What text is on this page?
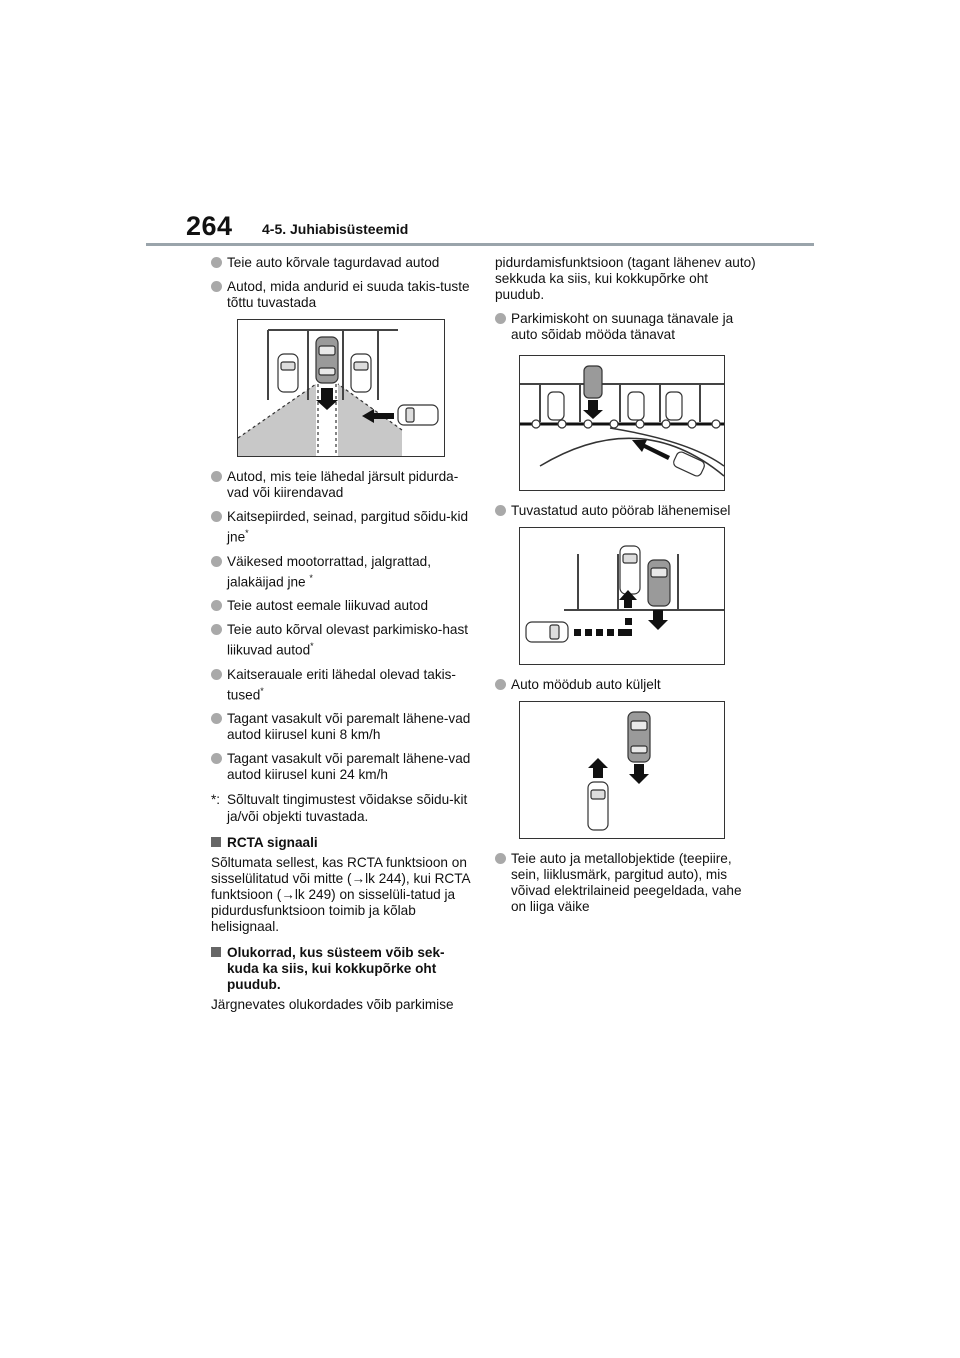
264 4-5. Juhiabisüsteemid
Teie auto kõrvale tagurdavad autod
Autod, mida andurid ei suuda takis-tuste tõttu tuvastada
Autod, mis teie lähedal järsult pidurda-vad või kiirendavad
Kaitsepiirded, seinad, pargitud sõidu-kid jne*
Väikesed mootorrattad, jalgrattad, jalakäijad jne *
Teie autost eemale liikuvad autod
Teie auto kõrval olevast parkimisko-hast liikuvad autod*
Kaitserauale eriti lähedal olevad takis-tused*
Tagant vasakult või paremalt lähene-vad autod kiirusel kuni 8 km/h
Tagant vasakult või paremalt lähene-vad autod kiirusel kuni 24 km/h
*: Sõltuvalt tingimustest võidakse sõidu-kit ja/või objekti tuvastada.
RCTA signaali
Sõltumata sellest, kas RCTA funktsioon on sisselülitatud või mitte (→lk 244), kui RCTA funktsioon (→lk 249) on sisselüli-tatud ja pidurdusfunktsioon toimib ja kõlab helisignaal.
Olukorrad, kus süsteem võib sek-kuda ka siis, kui kokkupõrke oht puudub.
Järgnevates olukordades võib parkimise
pidurdamisfunktsioon (tagant lähenev auto) sekkuda ka siis, kui kokkupõrke oht puudub.
Parkimiskoht on suunaga tänavale ja auto sõidab mööda tänavat
Tuvastatud auto pöörab lähenemisel
Auto möödub auto küljelt
Teie auto ja metallobjektide (teepiire, sein, liiklusmärk, pargitud auto), mis võivad elektrilaineid peegeldada, vahe on liiga väike
